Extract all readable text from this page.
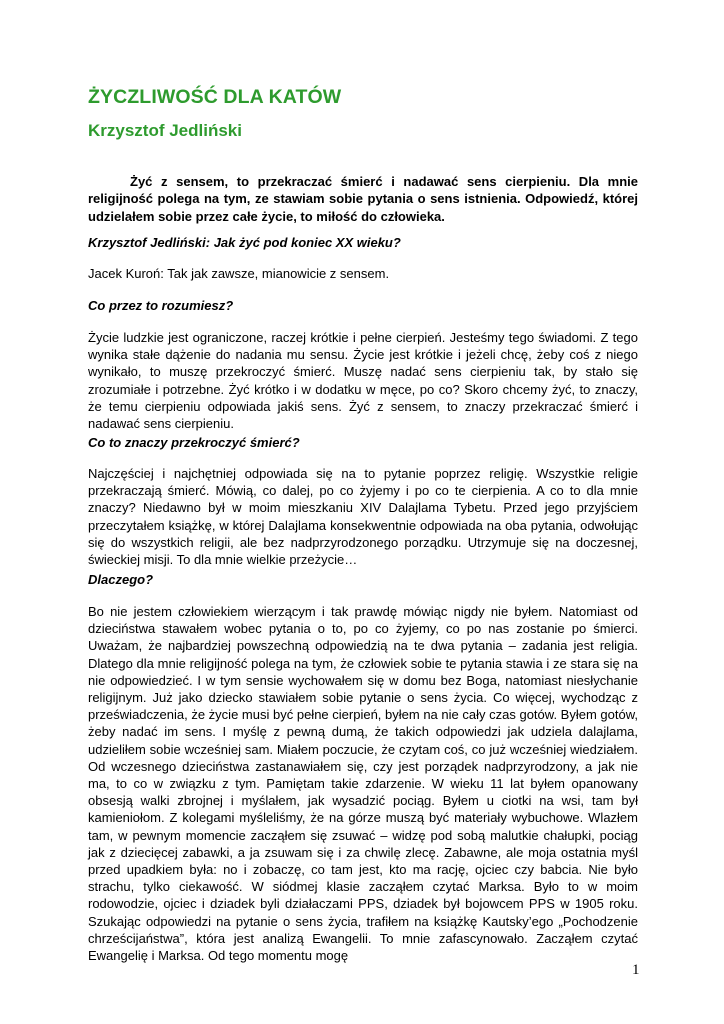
ŻYCZLIWOŚĆ DLA KATÓW
Krzysztof Jedliński

Żyć z sensem, to przekraczać śmierć i nadawać sens cierpieniu. Dla mnie religijność polega na tym, ze stawiam sobie pytania o sens istnienia. Odpowiedź, której udzielałem sobie przez całe życie, to miłość do człowieka.

Krzysztof Jedliński: Jak żyć pod koniec XX wieku?

Jacek Kuroń: Tak jak zawsze, mianowicie z sensem.

Co przez to rozumiesz?

Życie ludzkie jest ograniczone, raczej krótkie i pełne cierpień. Jesteśmy tego świadomi. Z tego wynika stałe dążenie do nadania mu sensu. Życie jest krótkie i jeżeli chcę, żeby coś z niego wynikało, to muszę przekroczyć śmierć. Muszę nadać sens cierpieniu tak, by stało się zrozumiałe i potrzebne. Żyć krótko i w dodatku w męce, po co? Skoro chcemy żyć, to znaczy, że temu cierpieniu odpowiada jakiś sens. Żyć z sensem, to znaczy przekraczać śmierć i nadawać sens cierpieniu.

Co to znaczy przekroczyć śmierć?

Najczęściej i najchętniej odpowiada się na to pytanie poprzez religię. Wszystkie religie przekraczają śmierć. Mówią, co dalej, po co żyjemy i po co te cierpienia. A co to dla mnie znaczy? Niedawno był w moim mieszkaniu XIV Dalajlama Tybetu. Przed jego przyjściem przeczytałem książkę, w której Dalajlama konsekwentnie odpowiada na oba pytania, odwołując się do wszystkich religii, ale bez nadprzyrodzonego porządku. Utrzymuje się na doczesnej, świeckiej misji. To dla mnie wielkie przeżycie…

Dlaczego?

Bo nie jestem człowiekiem wierzącym i tak prawdę mówiąc nigdy nie byłem. Natomiast od dzieciństwa stawałem wobec pytania o to, po co żyjemy, co po nas zostanie po śmierci. Uważam, że najbardziej powszechną odpowiedzią na te dwa pytania – zadania jest religia. Dlatego dla mnie religijność polega na tym, że człowiek sobie te pytania stawia i ze stara się na nie odpowiedzieć. I w tym sensie wychowałem się w domu bez Boga, natomiast niesłychanie religijnym. Już jako dziecko stawiałem sobie pytanie o sens życia. Co więcej, wychodząc z przeświadczenia, że życie musi być pełne cierpień, byłem na nie cały czas gotów. Byłem gotów, żeby nadać im sens. I myślę z pewną dumą, że takich odpowiedzi jak udziela dalajlama, udzieliłem sobie wcześniej sam. Miałem poczucie, że czytam coś, co już wcześniej wiedziałem. Od wczesnego dzieciństwa zastanawiałem się, czy jest porządek nadprzyrodzony, a jak nie ma, to co w związku z tym. Pamiętam takie zdarzenie. W wieku 11 lat byłem opanowany obsesją walki zbrojnej i myślałem, jak wysadzić pociąg. Byłem u ciotki na wsi, tam był kamieniołom. Z kolegami myśleliśmy, że na górze muszą być materiały wybuchowe. Wlazłem tam, w pewnym momencie zacząłem się zsuwać – widzę pod sobą malutkie chałupki, pociąg jak z dziecięcej zabawki, a ja zsuwam się i za chwilę zlecę. Zabawne, ale moja ostatnia myśl przed upadkiem była: no i zobaczę, co tam jest, kto ma rację, ojciec czy babcia. Nie było strachu, tylko ciekawość. W siódmej klasie zacząłem czytać Marksa. Było to w moim rodowodzie, ojciec i dziadek byli działaczami PPS, dziadek był bojowcem PPS w 1905 roku. Szukając odpowiedzi na pytanie o sens życia, trafiłem na książkę Kautsky’ego „Pochodzenie chrześcijaństwa”, która jest analizą Ewangelii. To mnie zafascynowało. Zacząłem czytać Ewangelię i Marksa. Od tego momentu mogę

1
